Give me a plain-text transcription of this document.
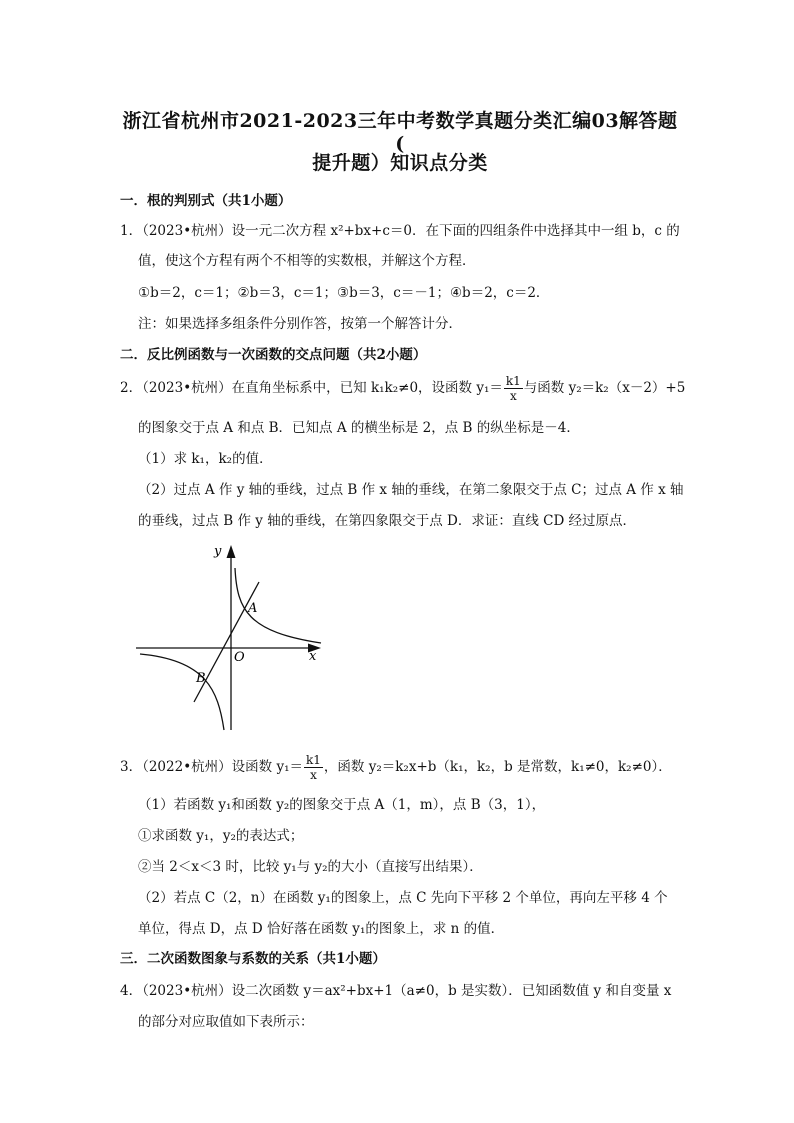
浙江省杭州市2021-2023三年中考数学真题分类汇编03解答题(
提升题）知识点分类
一．根的判别式（共1小题）
1．（2023•杭州）设一元二次方程 x²+bx+c＝0．在下面的四组条件中选择其中一组 b，c 的
值，使这个方程有两个不相等的实数根，并解这个方程．
①b＝2，c＝1；②b＝3，c＝1；③b＝3，c＝－1；④b＝2，c＝2．
注：如果选择多组条件分别作答，按第一个解答计分．
二．反比例函数与一次函数的交点问题（共2小题）
2．（2023•杭州）在直角坐标系中，已知 k₁k₂≠0，设函数 $y_1= \frac{k1}{x}$ 与函数 y₂＝k₂（x－2）+5
的图象交于点 A 和点 B．已知点 A 的横坐标是 2，点 B 的纵坐标是－4．
（1）求 k₁，k₂的值．
（2）过点 A 作 y 轴的垂线，过点 B 作 x 轴的垂线，在第二象限交于点 C；过点 A 作 x 轴
的垂线，过点 B 作 y 轴的垂线，在第四象限交于点 D．求证：直线 CD 经过原点．
y
x
O
A
B
3．（2022•杭州）设函数 $y_1= \frac{k1}{x}$ ，函数 y₂＝k₂x+b（k₁，k₂，b 是常数，k₁≠0，k₂≠0）．
（1）若函数 y₁和函数 y₂的图象交于点 A（1，m），点 B（3，1），
①求函数 y₁，y₂的表达式；
②当 2＜x＜3 时，比较 y₁与 y₂的大小（直接写出结果）．
（2）若点 C（2，n）在函数 y₁的图象上，点 C 先向下平移 2 个单位，再向左平移 4 个
单位，得点 D，点 D 恰好落在函数 y₁的图象上，求 n 的值．
三．二次函数图象与系数的关系（共1小题）
4．（2023•杭州）设二次函数 y＝ax²+bx+1（a≠0，b 是实数）．已知函数值 y 和自变量 x
的部分对应取值如下表所示：
